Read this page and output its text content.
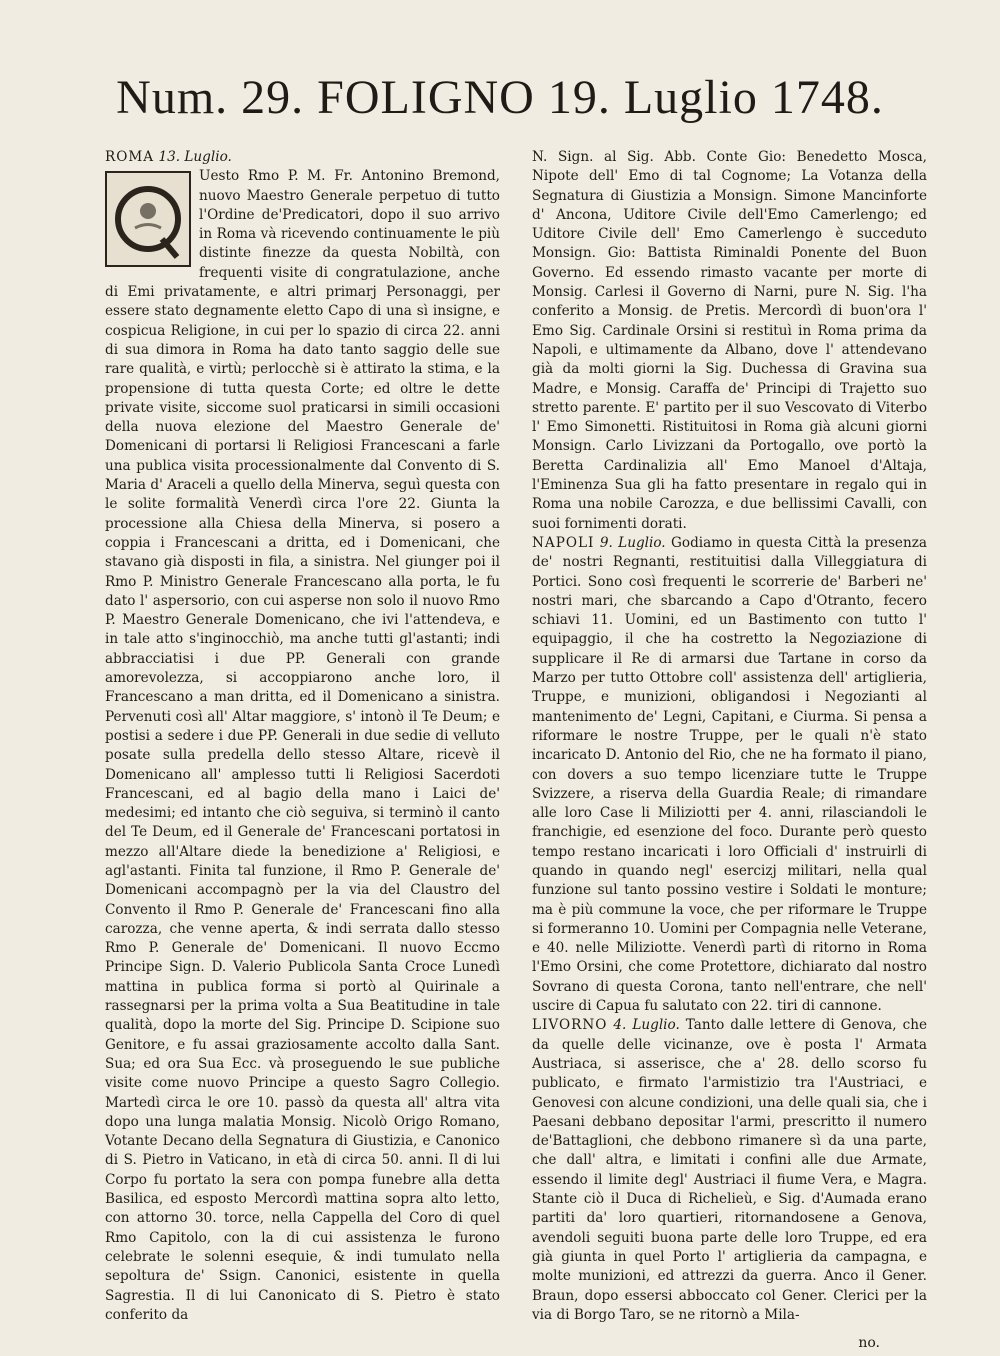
Num. 29. FOLIGNO 19. Luglio 1748.

ROMA 13. Luglio.

Uesto Rmo P. M. Fr. Antonino Bremond, nuovo Maestro Generale perpetuo di tutto l'Ordine de'Predicatori, dopo il suo arrivo in Roma và ricevendo continuamente le più distinte finezze da questa Nobiltà, con frequenti visite di congratulazione, anche di Emi privatamente, e altri primarj Personaggi, per essere stato degnamente eletto Capo di una sì insigne, e cospicua Religione, in cui per lo spazio di circa 22. anni di sua dimora in Roma ha dato tanto saggio delle sue rare qualità, e virtù; perlocchè si è attirato la stima, e la propensione di tutta questa Corte; ed oltre le dette private visite, siccome suol praticarsi in simili occasioni della nuova elezione del Maestro Generale de' Domenicani di portarsi li Religiosi Francescani a farle una publica visita processionalmente dal Convento di S. Maria d' Araceli a quello della Minerva, seguì questa con le solite formalità Venerdì circa l'ore 22. Giunta la processione alla Chiesa della Minerva, si posero a coppia i Francescani a dritta, ed i Domenicani, che stavano già disposti in fila, a sinistra. Nel giunger poi il Rmo P. Ministro Generale Francescano alla porta, le fu dato l' aspersorio, con cui asperse non solo il nuovo Rmo P. Maestro Generale Domenicano, che ivi l'attendeva, e in tale atto s'inginocchiò, ma anche tutti gl'astanti; indi abbracciatisi i due PP. Generali con grande amorevolezza, si accoppiarono anche loro, il Francescano a man dritta, ed il Domenicano a sinistra. Pervenuti così all' Altar maggiore, s' intonò il Te Deum; e postisi a sedere i due PP. Generali in due sedie di velluto posate sulla predella dello stesso Altare, ricevè il Domenicano all' amplesso tutti li Religiosi Sacerdoti Francescani, ed al bagio della mano i Laici de' medesimi; ed intanto che ciò seguiva, si terminò il canto del Te Deum, ed il Generale de' Francescani portatosi in mezzo all'Altare diede la benedizione a' Religiosi, e agl'astanti. Finita tal funzione, il Rmo P. Generale de' Domenicani accompagnò per la via del Claustro del Convento il Rmo P. Generale de' Francescani fino alla carozza, che venne aperta, & indi serrata dallo stesso Rmo P. Generale de' Domenicani. Il nuovo Eccmo Principe Sign. D. Valerio Publicola Santa Croce Lunedì mattina in publica forma si portò al Quirinale a rassegnarsi per la prima volta a Sua Beatitudine in tale qualità, dopo la morte del Sig. Principe D. Scipione suo Genitore, e fu assai graziosamente accolto dalla Sant. Sua; ed ora Sua Ecc. và proseguendo le sue publiche visite come nuovo Principe a questo Sagro Collegio. Martedì circa le ore 10. passò da questa all' altra vita dopo una lunga malatia Monsig. Nicolò Origo Romano, Votante Decano della Segnatura di Giustizia, e Canonico di S. Pietro in Vaticano, in età di circa 50. anni. Il di lui Corpo fu portato la sera con pompa funebre alla detta Basilica, ed esposto Mercordì mattina sopra alto letto, con attorno 30. torce, nella Cappella del Coro di quel Rmo Capitolo, con la di cui assistenza le furono celebrate le solenni esequie, & indi tumulato nella sepoltura de' Ssign. Canonici, esistente in quella Sagrestia. Il di lui Canonicato di S. Pietro è stato conferito da

N. Sign. al Sig. Abb. Conte Gio: Benedetto Mosca, Nipote dell' Emo di tal Cognome; La Votanza della Segnatura di Giustizia a Monsign. Simone Mancinforte d' Ancona, Uditore Civile dell'Emo Camerlengo; ed Uditore Civile dell' Emo Camerlengo è succeduto Monsign. Gio: Battista Riminaldi Ponente del Buon Governo. Ed essendo rimasto vacante per morte di Monsig. Carlesi il Governo di Narni, pure N. Sig. l'ha conferito a Monsig. de Pretis. Mercordì di buon'ora l' Emo Sig. Cardinale Orsini si restituì in Roma prima da Napoli, e ultimamente da Albano, dove l' attendevano già da molti giorni la Sig. Duchessa di Gravina sua Madre, e Monsig. Caraffa de' Principi di Trajetto suo stretto parente. E' partito per il suo Vescovato di Viterbo l' Emo Simonetti. Ristituitosi in Roma già alcuni giorni Monsign. Carlo Livizzani da Portogallo, ove portò la Beretta Cardinalizia all' Emo Manoel d'Altaja, l'Eminenza Sua gli ha fatto presentare in regalo qui in Roma una nobile Carozza, e due bellissimi Cavalli, con suoi fornimenti dorati.

NAPOLI 9. Luglio. Godiamo in questa Città la presenza de' nostri Regnanti, restituitisi dalla Villeggiatura di Portici. Sono così frequenti le scorrerie de' Barberi ne' nostri mari, che sbarcando a Capo d'Otranto, fecero schiavi 11. Uomini, ed un Bastimento con tutto l' equipaggio, il che ha costretto la Negoziazione di supplicare il Re di armarsi due Tartane in corso da Marzo per tutto Ottobre coll' assistenza dell' artiglieria, Truppe, e munizioni, obligandosi i Negozianti al mantenimento de' Legni, Capitani, e Ciurma. Si pensa a riformare le nostre Truppe, per le quali n'è stato incaricato D. Antonio del Rio, che ne ha formato il piano, con dovers a suo tempo licenziare tutte le Truppe Svizzere, a riserva della Guardia Reale; di rimandare alle loro Case li Miliziotti per 4. anni, rilasciandoli le franchigie, ed esenzione del foco. Durante però questo tempo restano incaricati i loro Officiali d' instruirli di quando in quando negl' esercizj militari, nella qual funzione sul tanto possino vestire i Soldati le monture; ma è più commune la voce, che per riformare le Truppe si formeranno 10. Uomini per Compagnia nelle Veterane, e 40. nelle Miliziotte. Venerdì partì di ritorno in Roma l'Emo Orsini, che come Protettore, dichiarato dal nostro Sovrano di questa Corona, tanto nell'entrare, che nell' uscire di Capua fu salutato con 22. tiri di cannone.

LIVORNO 4. Luglio. Tanto dalle lettere di Genova, che da quelle delle vicinanze, ove è posta l' Armata Austriaca, si asserisce, che a' 28. dello scorso fu publicato, e firmato l'armistizio tra l'Austriaci, e Genovesi con alcune condizioni, una delle quali sia, che i Paesani debbano depositar l'armi, prescritto il numero de'Battaglioni, che debbono rimanere sì da una parte, che dall' altra, e limitati i confini alle due Armate, essendo il limite degl' Austriaci il fiume Vera, e Magra. Stante ciò il Duca di Richelieù, e Sig. d'Aumada erano partiti da' loro quartieri, ritornandosene a Genova, avendoli seguiti buona parte delle loro Truppe, ed era già giunta in quel Porto l' artiglieria da campagna, e molte munizioni, ed attrezzi da guerra. Anco il Gener. Braun, dopo essersi abboccato col Gener. Clerici per la via di Borgo Taro, se ne ritornò a Mila-

no.
